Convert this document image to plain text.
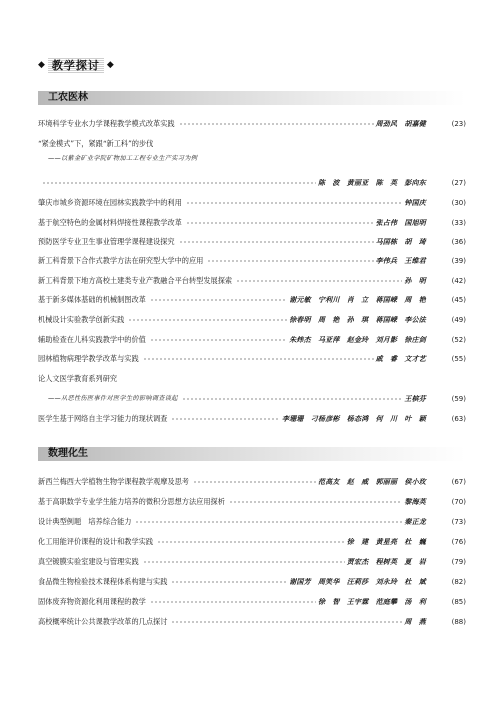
◆ 教学探讨 ◆
工农医林
环境科学专业水力学课程教学模式改革实践	周劲风　胡嘉健	(23)
“紧金模式”下，紧跟“新工科”的步伐
——以紫金矿业学院矿物加工工程专业生产实习为例
陈　波　黄丽亚　陈　英　彭向东	(27)
肇庆市城乡资源环境在园林实践教学中的利用	钟国庆	(30)
基于航空特色的金属材料焊接性课程教学改革	张占伟　国旭明	(33)
预防医学专业卫生事业管理学课程建设探究	马国栋　胡　琦	(36)
新工科背景下合作式教学方法在研究型大学中的应用	李伟兵　王维君	(39)
新工科背景下地方高校土建类专业产教融合平台转型发展探索	孙　明	(42)
基于新多媒体基础的机械制图改革	谢元敏　宁利川　肖　立　蒋国嵘　周　艳	(45)
机械设计实验教学创新实践	徐春明　周　艳　孙　琪　蒋国嵘　李公法	(49)
辅助检查在儿科实践教学中的价值	朱炜杰　马亚萍　赵金玲　刘月影　徐庄剑	(52)
园林植物病理学教学改革与实践	戚　睿　文才艺	(55)
论人文医学教育系列研究
——从恶性伤医事件对医学生的影响调查谈起	王槟芬	(59)
医学生基于网络自主学习能力的现状调查	李珊珊　刁杨彦彬　杨态鸿　何　川　叶　颖	(63)
数理化生
新西兰梅西大学植物生物学课程教学观摩及思考	范高友　赵　威　郭丽丽　侯小玫	(67)
基于高职数学专业学生能力培养的微积分思想方法应用探析	黎海英	(70)
设计典型例题　培养综合能力	秦正龙	(73)
化工用能评价课程的设计和教学实践	徐　建　黄星亮　杜　巍	(76)
真空镀膜实验室建设与管理实践	贾宏杰　程树英　夏　岩	(79)
食品微生物检验技术课程体系构建与实践	谢国芳　周笑华　汪莉莎　刘永玲　杜　斌	(82)
固体废弃物资源化利用课程的教学	徐　智　王宇霖　范庭攀　汤　利	(85)
高校概率统计公共课教学改革的几点探讨	周　燕	(88)
